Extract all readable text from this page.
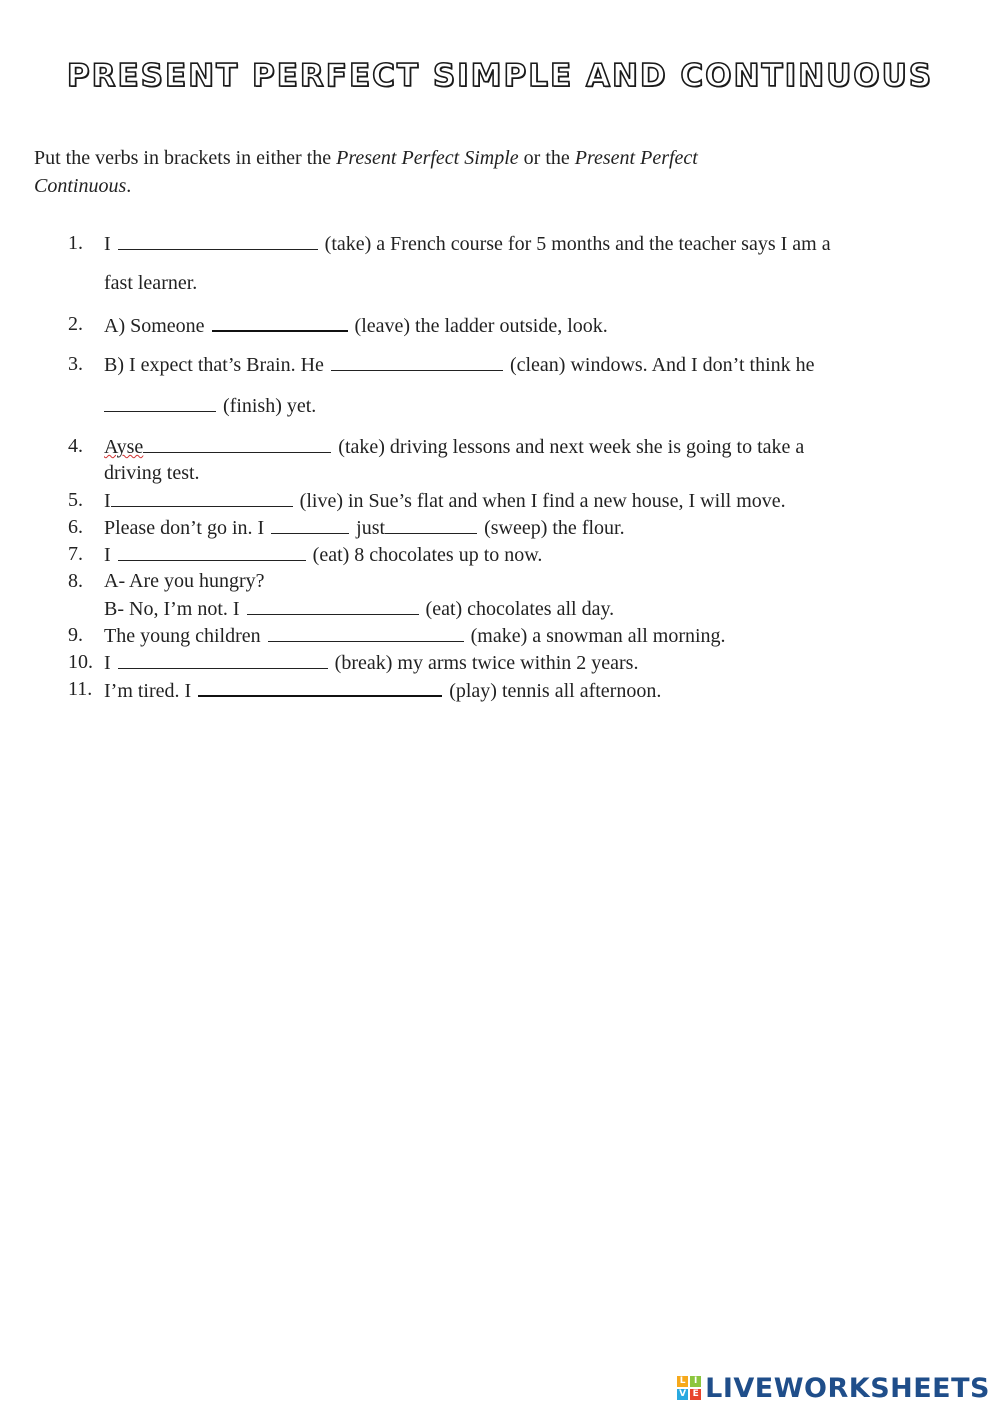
PRESENT PERFECT SIMPLE AND CONTINUOUS
Put the verbs in brackets in either the Present Perfect Simple or the Present Perfect
Continuous.
1. I	(take) a French course for 5 months and the teacher says I am a
fast learner.
2. A) Someone	(leave) the ladder outside, look.
3. B) I expect that’s Brain. He	(clean) windows. And I don’t think he
(finish) yet.
4. Ayse	(take) driving lessons and next week she is going to take a
driving test.
5. I	(live) in Sue’s flat and when I find a new house, I will move.
6. Please don’t go in. I	just	(sweep) the flour.
7. I	(eat) 8 chocolates up to now.
8. A- Are you hungry?
B- No, I’m not. I	(eat) chocolates all day.
9. The young children	(make) a snowman all morning.
10. I	(break) my arms twice within 2 years.
11. I’m tired. I	(play) tennis all afternoon.
L I
V E LIVEWORKSHEETS
